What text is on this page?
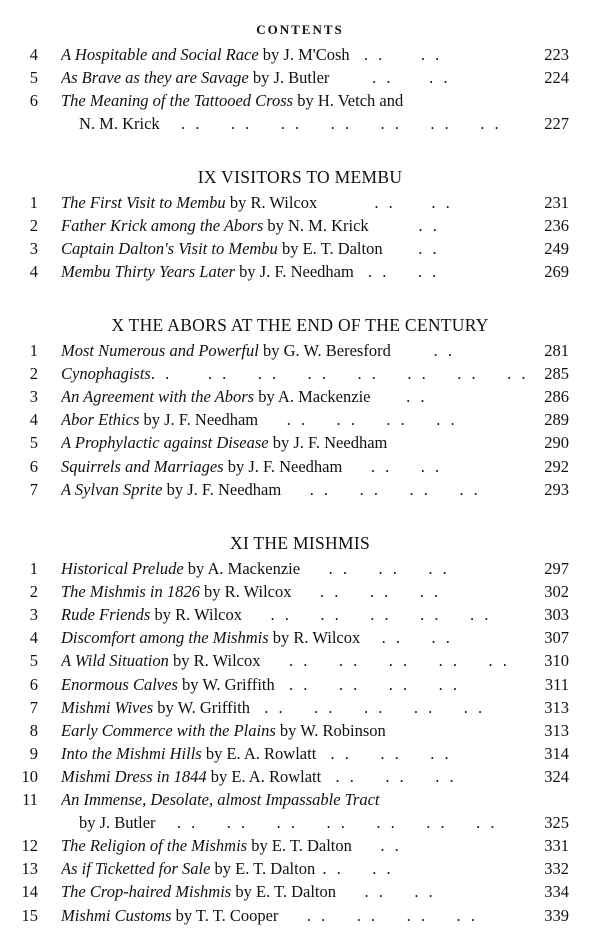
CONTENTS
4 A Hospitable and Social Race by J. M'Cosh  . .     . .	223
5 As Brave as they are Savage by J. Butler      . .     . .	224
6 The Meaning of the Tattooed Cross by H. Vetch and
N. M. Krick   . .    . .    . .    . .    . .    . .    . .	227
IX VISITORS TO MEMBU
1 The First Visit to Membu by R. Wilcox        . .     . .	231
2 Father Krick among the Abors by N. M. Krick       . .	236
3 Captain Dalton's Visit to Membu by E. T. Dalton     . .	249
4 Membu Thirty Years Later by J. F. Needham  . .    . .	269
X THE ABORS AT THE END OF THE CENTURY
1 Most Numerous and Powerful by G. W. Beresford      . .	281
2 Cynophagists. .     . .    . .    . .    . .    . .    . .    . . 285
3 An Agreement with the Abors by A. Mackenzie     . .	286
4 Abor Ethics by J. F. Needham    . .    . .    . .    . .	289
5 A Prophylactic against Disease by J. F. Needham	290
6 Squirrels and Marriages by J. F. Needham    . .    . .	292
7 A Sylvan Sprite by J. F. Needham    . .    . .    . .    . .	293
XI THE MISHMIS
1 Historical Prelude by A. Mackenzie    . .    . .    . .	297
2 The Mishmis in 1826 by R. Wilcox    . .    . .    . .	302
3 Rude Friends by R. Wilcox    . .    . .    . .    . .    . .	303
4 Discomfort among the Mishmis by R. Wilcox   . .    . .	307
5 A Wild Situation by R. Wilcox    . .    . .    . .    . .    . .	310
6 Enormous Calves by W. Griffith  . .    . .    . .    . .	311
7 Mishmi Wives by W. Griffith  . .    . .    . .    . .    . .	313
8 Early Commerce with the Plains by W. Robinson	313
9 Into the Mishmi Hills by E. A. Rowlatt  . .    . .    . .	314
10 Mishmi Dress in 1844 by E. A. Rowlatt  . .    . .    . .	324
11 An Immense, Desolate, almost Impassable Tract
by J. Butler   . .    . .    . .    . .    . .    . .    . .	325
12 The Religion of the Mishmis by E. T. Dalton    . .	331
13 As if Ticketted for Sale by E. T. Dalton . .    . .	332
14 The Crop-haired Mishmis by E. T. Dalton    . .    . .	334
15 Mishmi Customs by T. T. Cooper    . .    . .    . .    . .	339
